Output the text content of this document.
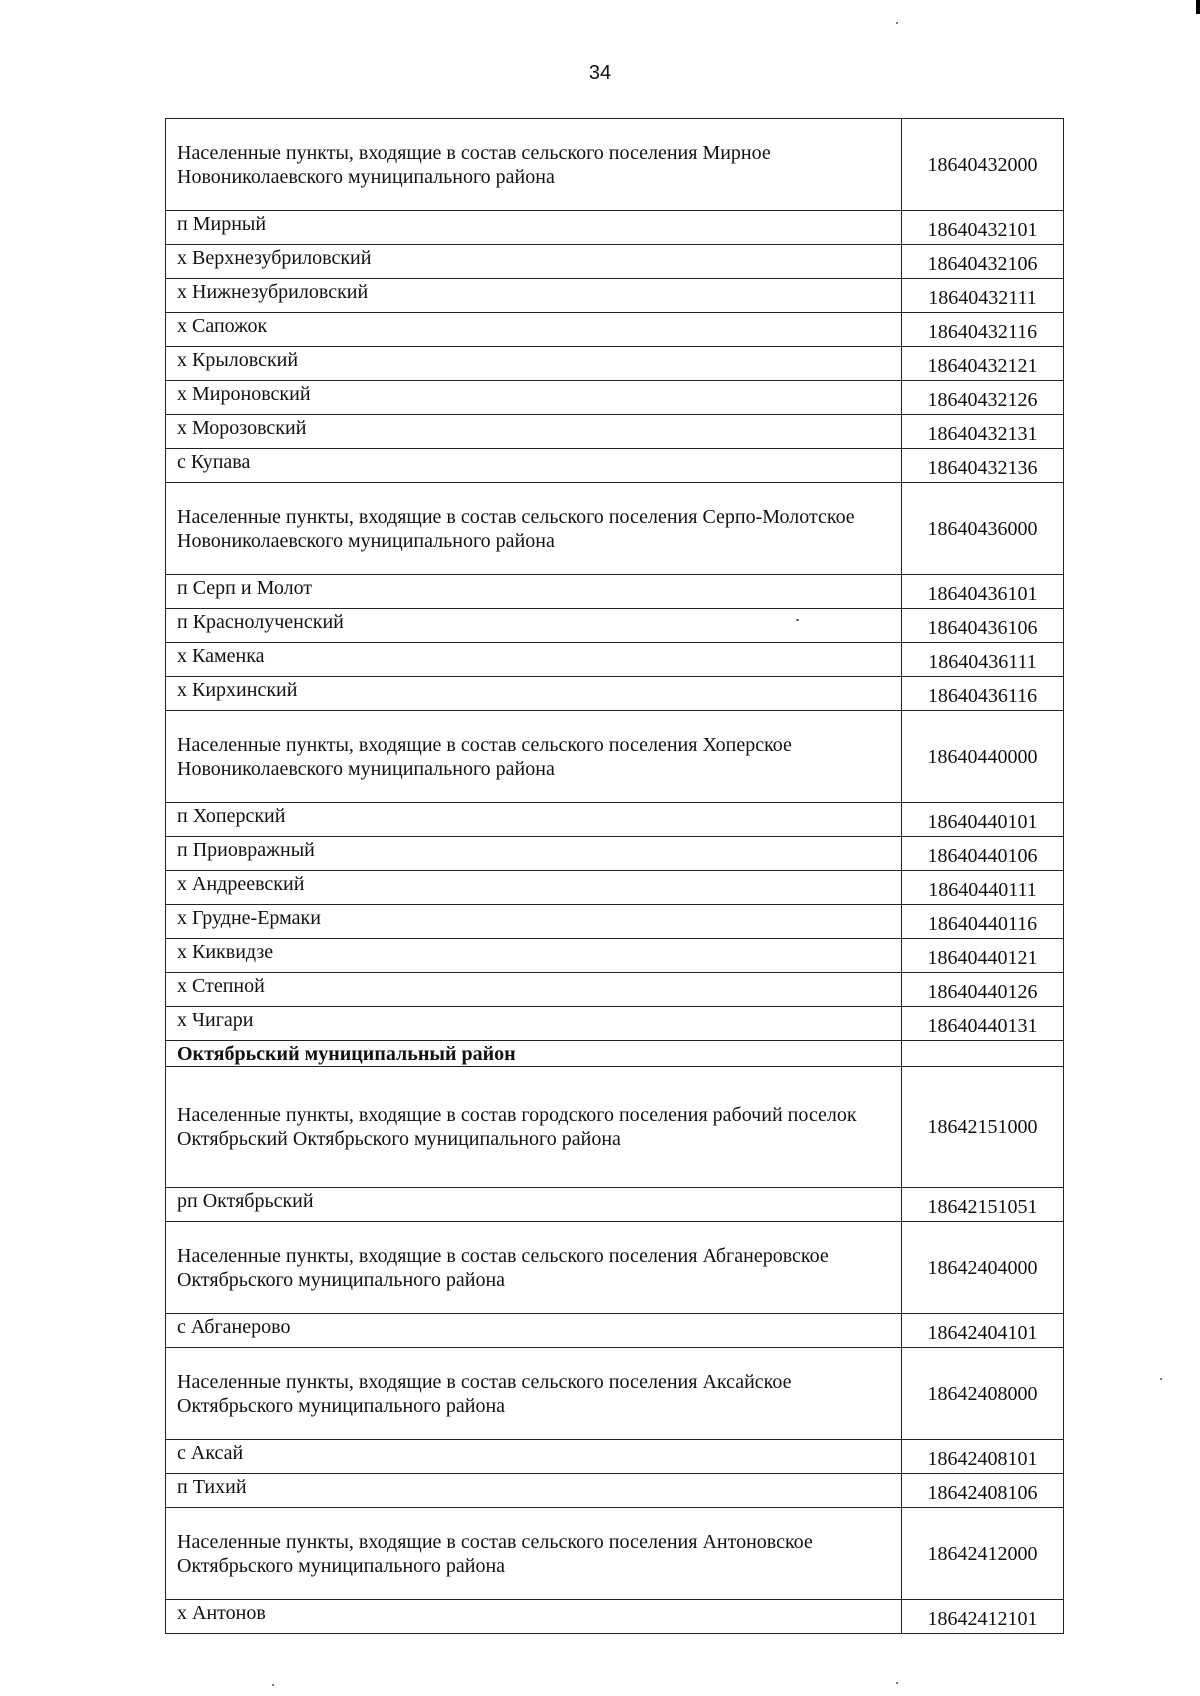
34
Населенные пункты, входящие в состав сельского поселения Мирное Новониколаевского муниципального района	18640432000
п Мирный	18640432101
х Верхнезубриловский	18640432106
х Нижнезубриловский	18640432111
х Сапожок	18640432116
х Крыловский	18640432121
х Мироновский	18640432126
х Морозовский	18640432131
с Купава	18640432136
Населенные пункты, входящие в состав сельского поселения Серпо-Молотское Новониколаевского муниципального района	18640436000
п Серп и Молот	18640436101
п Краснолученский	18640436106
х Каменка	18640436111
х Кирхинский	18640436116
Населенные пункты, входящие в состав сельского поселения Хоперское Новониколаевского муниципального района	18640440000
п Хоперский	18640440101
п Приовражный	18640440106
х Андреевский	18640440111
х Грудне-Ермаки	18640440116
х Киквидзе	18640440121
х Степной	18640440126
х Чигари	18640440131
Октябрьский муниципальный район	
Населенные пункты, входящие в состав городского поселения рабочий поселок Октябрьский Октябрьского муниципального района	18642151000
рп Октябрьский	18642151051
Населенные пункты, входящие в состав сельского поселения Абганеровское Октябрьского муниципального района	18642404000
с Абганерово	18642404101
Населенные пункты, входящие в состав сельского поселения Аксайское Октябрьского муниципального района	18642408000
с Аксай	18642408101
п Тихий	18642408106
Населенные пункты, входящие в состав сельского поселения Антоновское Октябрьского муниципального района	18642412000
х Антонов	18642412101
